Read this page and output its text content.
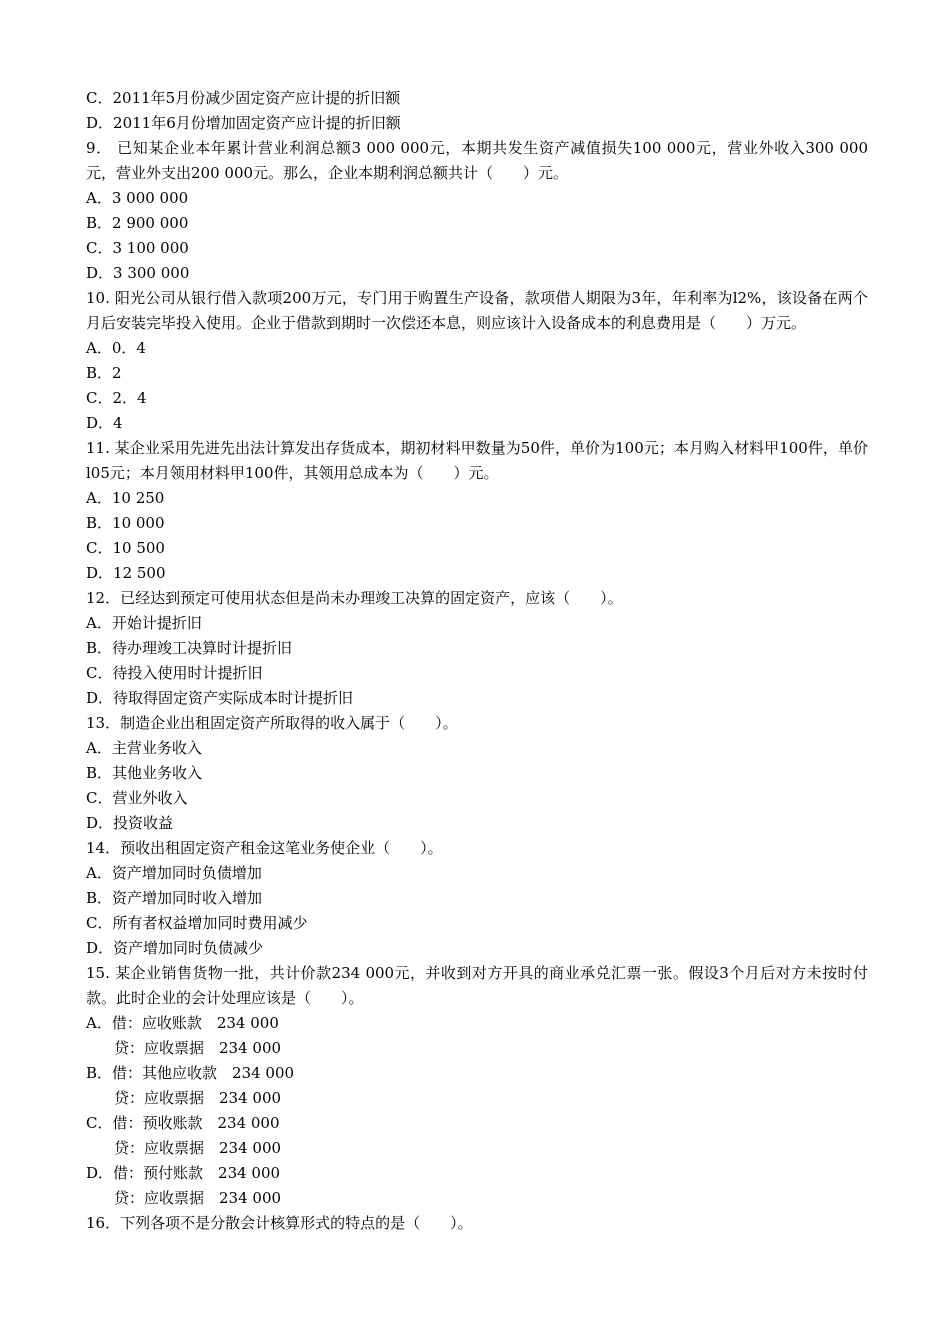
C．2011年5月份减少固定资产应计提的折旧额
D．2011年6月份增加固定资产应计提的折旧额
9． 已知某企业本年累计营业利润总额3 000 000元，本期共发生资产减值损失100 000元，营业外收入300 000元，营业外支出200 000元。那么，企业本期利润总额共计（　　）元。
A．3 000 000
B．2 900 000
C．3 100 000
D．3 300 000
10. 阳光公司从银行借入款项200万元，专门用于购置生产设备，款项借人期限为3年，年利率为l2%，该设备在两个月后安装完毕投入使用。企业于借款到期时一次偿还本息，则应该计入设备成本的利息费用是（　　）万元。
A．0．4
B．2
C．2．4
D．4
11. 某企业采用先进先出法计算发出存货成本，期初材料甲数量为50件，单价为100元；本月购入材料甲100件，单价l05元；本月领用材料甲100件，其领用总成本为（　　）元。
A．10 250
B．10 000
C．10 500
D．12 500
12．已经达到预定可使用状态但是尚未办理竣工决算的固定资产，应该（　　）。
A．开始计提折旧
B．待办理竣工决算时计提折旧
C．待投入使用时计提折旧
D．待取得固定资产实际成本时计提折旧
13．制造企业出租固定资产所取得的收入属于（　　）。
A．主营业务收入
B．其他业务收入
C．营业外收入
D．投资收益
14．预收出租固定资产租金这笔业务使企业（　　）。
A．资产增加同时负债增加
B．资产增加同时收入增加
C．所有者权益增加同时费用减少
D．资产增加同时负债减少
15. 某企业销售货物一批，共计价款234 000元，并收到对方开具的商业承兑汇票一张。假设3个月后对方未按时付款。此时企业的会计处理应该是（　　）。
A．借：应收账款　234 000
贷：应收票据　234 000
B．借：其他应收款　234 000
贷：应收票据　234 000
C．借：预收账款　234 000
贷：应收票据　234 000
D．借：预付账款　234 000
贷：应收票据　234 000
16．下列各项不是分散会计核算形式的特点的是（　　）。
